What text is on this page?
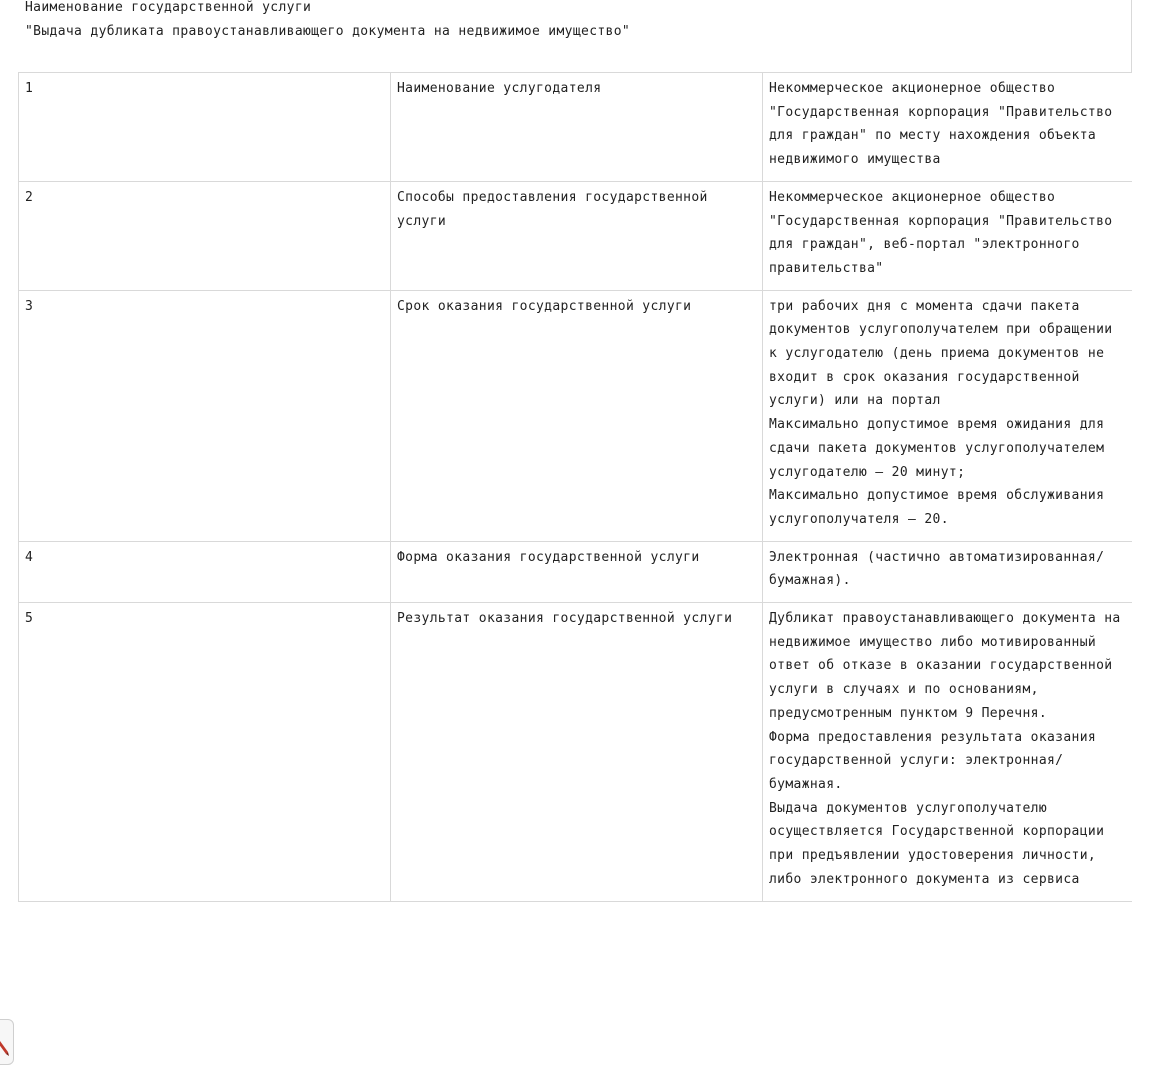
Наименование государственной услуги
"Выдача дубликата правоустанавливающего документа на недвижимое имущество"
1	Наименование услугодателя	Некоммерческое акционерное общество "Государственная корпорация "Правительство для граждан" по месту нахождения объекта недвижимого имущества

2	Способы предоставления государственной услуги	Некоммерческое акционерное общество "Государственная корпорация "Правительство для граждан", веб-портал "электронного правительства"

3	Срок оказания государственной услуги	три рабочих дня с момента сдачи пакета документов услугополучателем при обращении к услугодателю (день приема документов не входит в срок оказания государственной услуги) или на портал
Максимально допустимое время ожидания для сдачи пакета документов услугополучателем услугодателю – 20 минут;
Максимально допустимое время обслуживания услугополучателя – 20.

4	Форма оказания государственной услуги	Электронная (частично автоматизированная/бумажная).

5	Результат оказания государственной услуги	Дубликат правоустанавливающего документа на недвижимое имущество либо мотивированный ответ об отказе в оказании государственной услуги в случаях и по основаниям, предусмотренным пунктом 9 Перечня.
Форма предоставления результата оказания государственной услуги: электронная/бумажная.
Выдача документов услугополучателю осуществляется Государственной корпорации при предъявлении удостоверения личности, либо электронного документа из сервиса
